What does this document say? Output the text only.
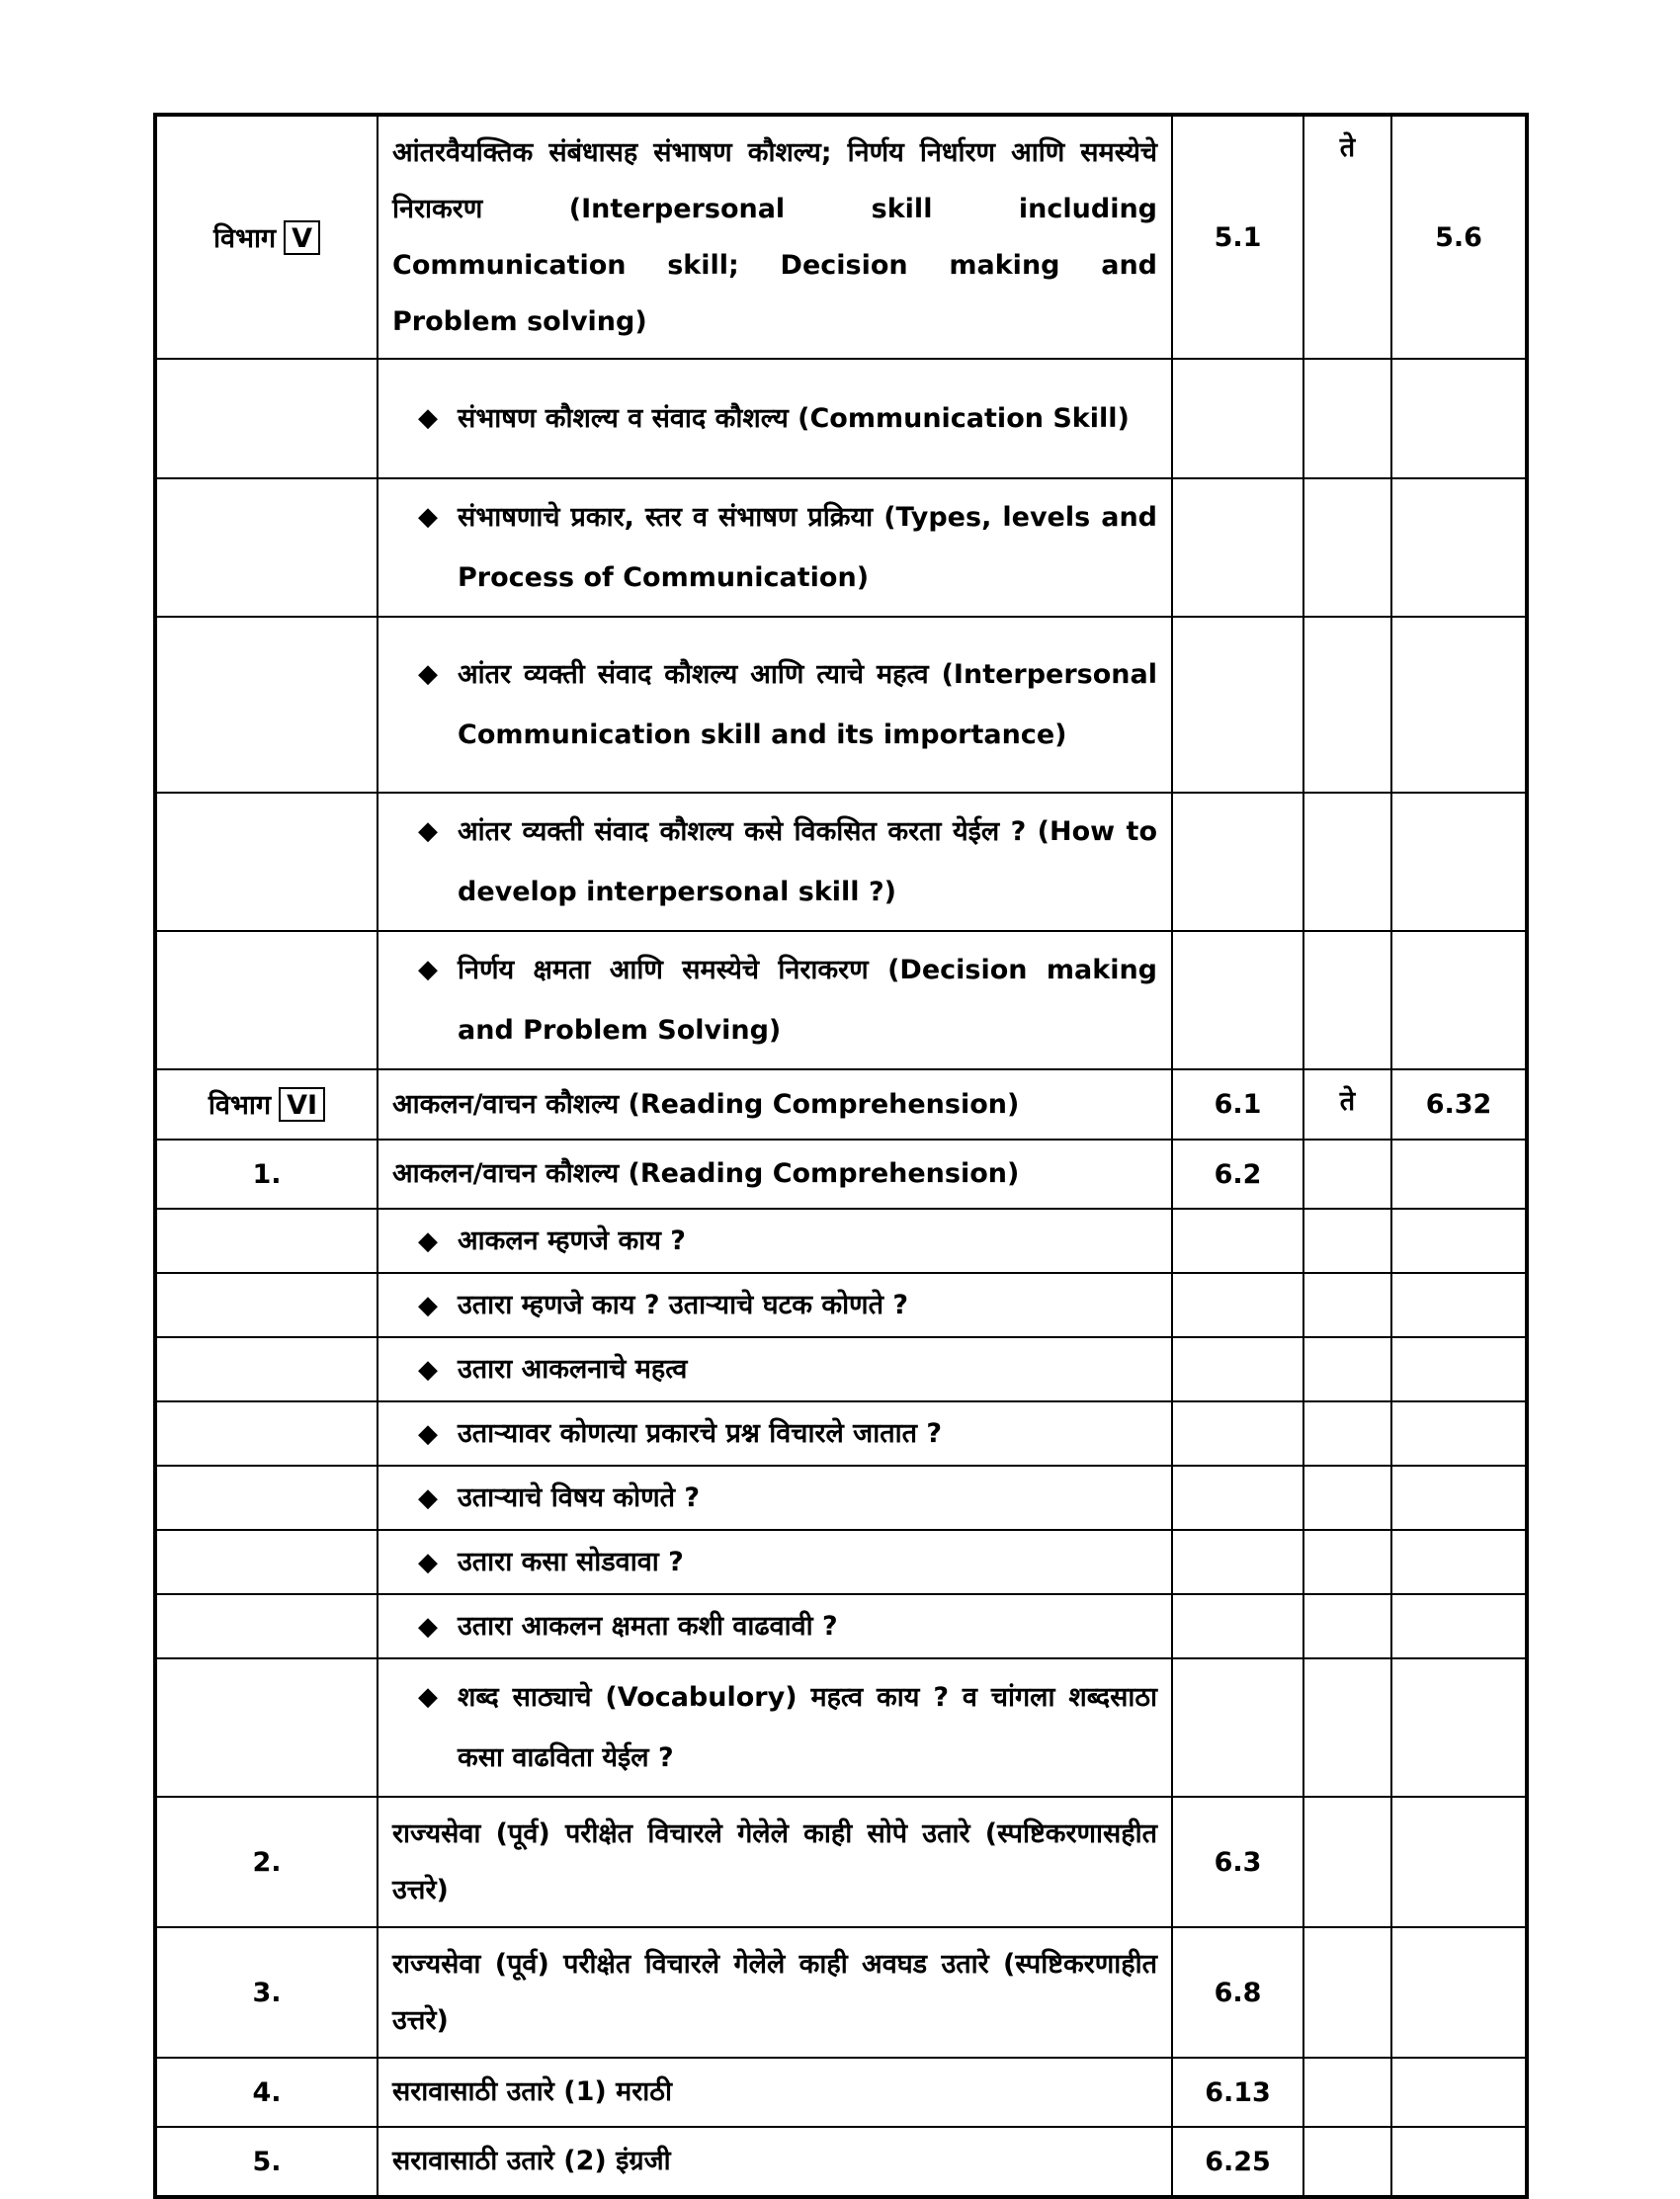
विभाग V	आंतरवैयक्तिक संबंधासह संभाषण कौशल्य; निर्णय निर्धारण आणि समस्येचे निराकरण (Interpersonal skill including Communication skill; Decision making and Problem solving)	5.1	ते	5.6

	◆ संभाषण कौशल्य व संवाद कौशल्य (Communication Skill)			

	◆ संभाषणाचे प्रकार, स्तर व संभाषण प्रक्रिया (Types, levels and Process of Communication)			

	◆ आंतर व्यक्ती संवाद कौशल्य आणि त्याचे महत्व (Interpersonal Communication skill and its importance)			

	◆ आंतर व्यक्ती संवाद कौशल्य कसे विकसित करता येईल ? (How to develop interpersonal skill ?)			

	◆ निर्णय क्षमता आणि समस्येचे निराकरण (Decision making and Problem Solving)			

विभाग VI	आकलन/वाचन कौशल्य (Reading Comprehension)	6.1	ते	6.32
1.	आकलन/वाचन कौशल्य (Reading Comprehension)	6.2		

	◆ आकलन म्हणजे काय ?			

	◆ उतारा म्हणजे काय ? उताऱ्याचे घटक कोणते ?			

	◆ उतारा आकलनाचे महत्व			

	◆ उताऱ्यावर कोणत्या प्रकारचे प्रश्न विचारले जातात ?			

	◆ उताऱ्याचे विषय कोणते ?			

	◆ उतारा कसा सोडवावा ?			

	◆ उतारा आकलन क्षमता कशी वाढवावी ?			

	◆ शब्द साठ्याचे (Vocabulory) महत्व काय ? व चांगला शब्दसाठा कसा वाढविता येईल ?			

2.	राज्यसेवा (पूर्व) परीक्षेत विचारले गेलेले काही सोपे उतारे (स्पष्टिकरणासहीत उत्तरे)	6.3		
3.	राज्यसेवा (पूर्व) परीक्षेत विचारले गेलेले काही अवघड उतारे (स्पष्टिकरणाहीत उत्तरे)	6.8		
4.	सरावासाठी उतारे (1) मराठी	6.13		
5.	सरावासाठी उतारे (2) इंग्रजी	6.25		
